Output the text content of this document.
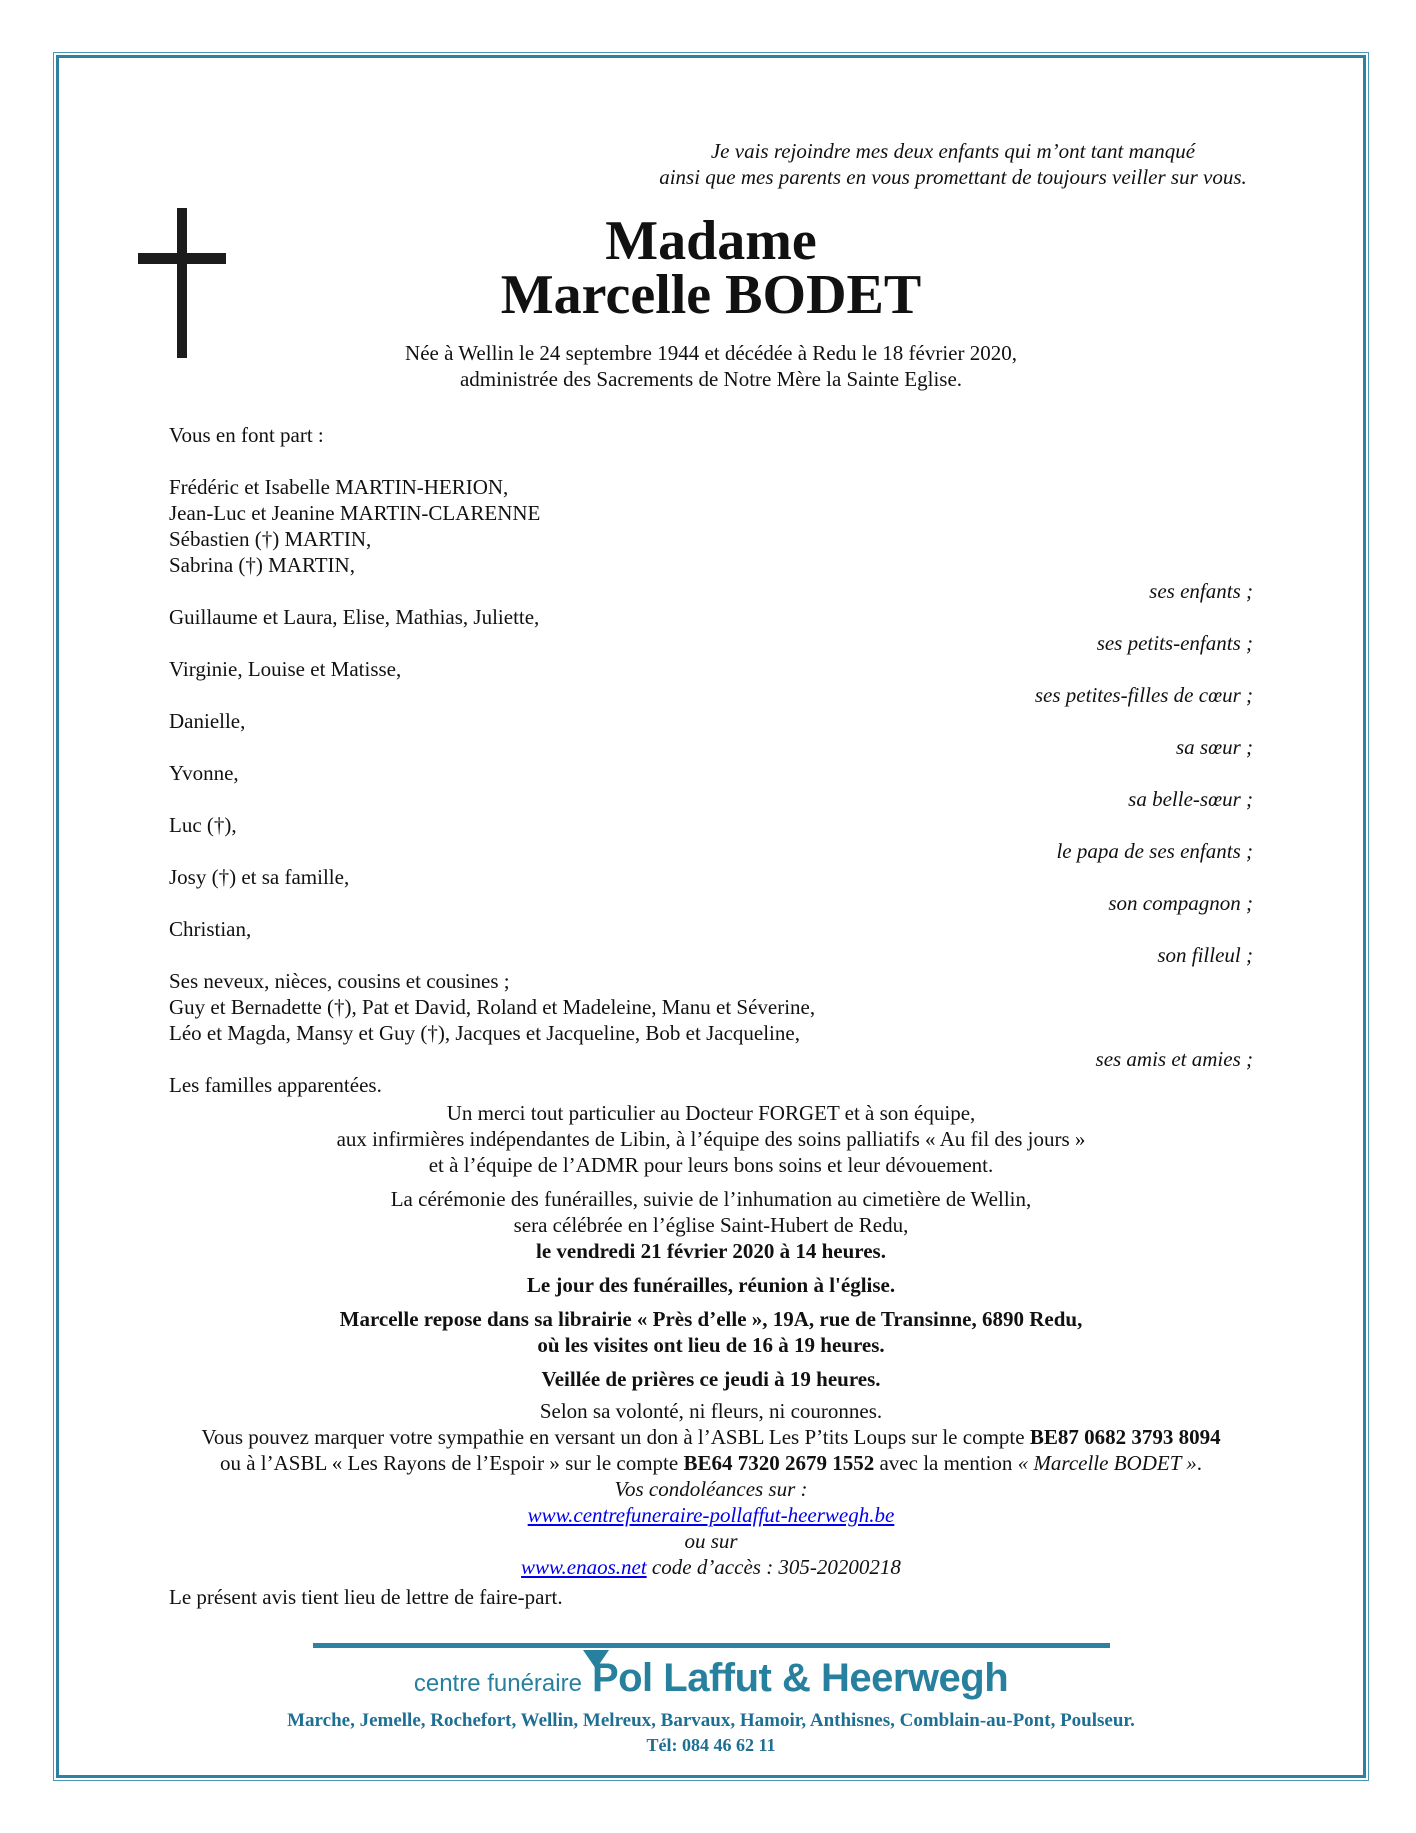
Je vais rejoindre mes deux enfants qui m’ont tant manqué
ainsi que mes parents en vous promettant de toujours veiller sur vous.
Madame
Marcelle BODET
Née à Wellin le 24 septembre 1944 et décédée à Redu le 18 février 2020,
administrée des Sacrements de Notre Mère la Sainte Eglise.

Vous en font part :

Frédéric et Isabelle MARTIN-HERION,
Jean-Luc et Jeanine MARTIN-CLARENNE
Sébastien (†) MARTIN,
Sabrina (†) MARTIN,
ses enfants ;
Guillaume et Laura, Elise, Mathias, Juliette,
ses petits-enfants ;
Virginie, Louise et Matisse,
ses petites-filles de cœur ;
Danielle,
sa sœur ;
Yvonne,
sa belle-sœur ;
Luc (†),
le papa de ses enfants ;
Josy (†) et sa famille,
son compagnon ;
Christian,
son filleul ;
Ses neveux, nièces, cousins et cousines ;
Guy et Bernadette (†), Pat et David, Roland et Madeleine, Manu et Séverine,
Léo et Magda, Mansy et Guy (†), Jacques et Jacqueline, Bob et Jacqueline,
ses amis et amies ;
Les familles apparentées.
Un merci tout particulier au Docteur FORGET et à son équipe,
aux infirmières indépendantes de Libin, à l’équipe des soins palliatifs « Au fil des jours »
et à l’équipe de l’ADMR pour leurs bons soins et leur dévouement.
La cérémonie des funérailles, suivie de l’inhumation au cimetière de Wellin,
sera célébrée en l’église Saint-Hubert de Redu,
le vendredi 21 février 2020 à 14 heures.
Le jour des funérailles, réunion à l'église.
Marcelle repose dans sa librairie « Près d’elle », 19A, rue de Transinne, 6890 Redu,
où les visites ont lieu de 16 à 19 heures.
Veillée de prières ce jeudi à 19 heures.
Selon sa volonté, ni fleurs, ni couronnes.
Vous pouvez marquer votre sympathie en versant un don à l’ASBL Les P’tits Loups sur le compte BE87 0682 3793 8094
ou à l’ASBL « Les Rayons de l’Espoir » sur le compte BE64 7320 2679 1552 avec la mention « Marcelle BODET ».
Vos condoléances sur :
www.centrefuneraire-pollaffut-heerwegh.be
ou sur
www.enaos.net code d’accès : 305-20200218

Le présent avis tient lieu de lettre de faire-part.

centre funéraire Pol Laffut & Heerwegh
Marche, Jemelle, Rochefort, Wellin, Melreux, Barvaux, Hamoir, Anthisnes, Comblain-au-Pont, Poulseur.
Tél: 084 46 62 11
